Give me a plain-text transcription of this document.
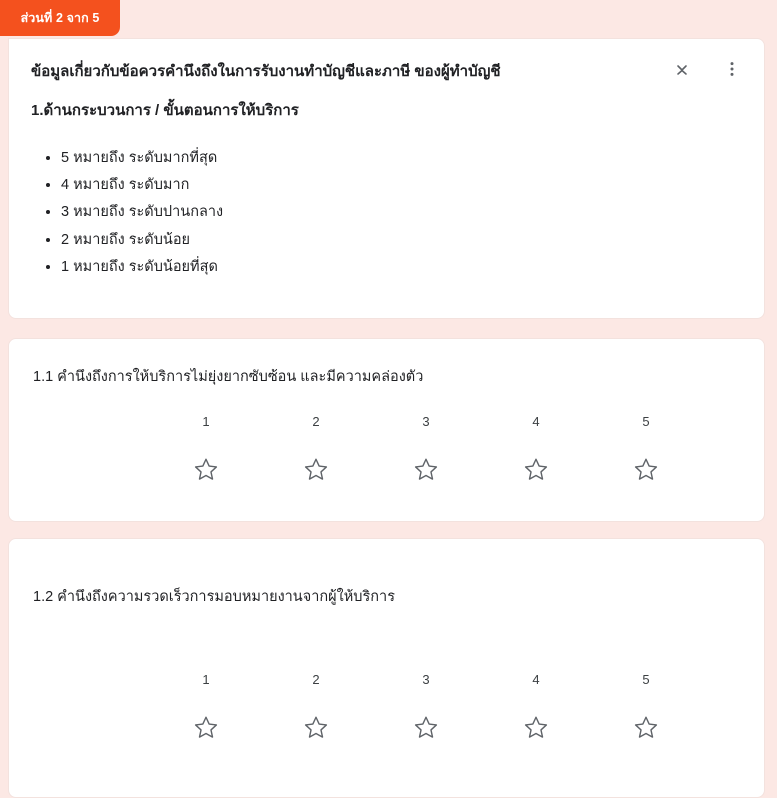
ส่วนที่ 2 จาก 5

ข้อมูลเกี่ยวกับข้อควรคำนึงถึงในการรับงานทำบัญชีและภาษี ของผู้ทำบัญชี

1.ด้านกระบวนการ / ขั้นตอนการให้บริการ

• 5 หมายถึง ระดับมากที่สุด
• 4 หมายถึง ระดับมาก
• 3 หมายถึง ระดับปานกลาง
• 2 หมายถึง ระดับน้อย
• 1 หมายถึง ระดับน้อยที่สุด

1.1 คำนึงถึงการให้บริการไม่ยุ่งยากซับซ้อน และมีความคล่องตัว

1	2	3	4	5

1.2 คำนึงถึงความรวดเร็วการมอบหมายงานจากผู้ให้บริการ

1	2	3	4	5
